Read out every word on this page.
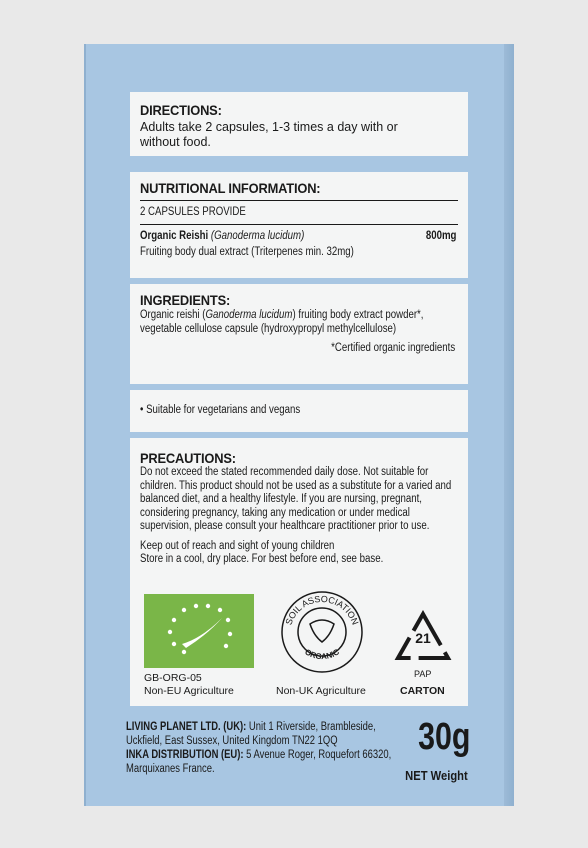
DIRECTIONS:

Adults take 2 capsules, 1-3 times a day with or without food.

NUTRITIONAL INFORMATION:

2 CAPSULES PROVIDE

Organic Reishi (Ganoderma lucidum)	800mg

Fruiting body dual extract (Triterpenes min. 32mg)

INGREDIENTS:

Organic reishi (Ganoderma lucidum) fruiting body extract powder*, vegetable cellulose capsule (hydroxypropyl methylcellulose)

*Certified organic ingredients

• Suitable for vegetarians and vegans

PRECAUTIONS:

Do not exceed the stated recommended daily dose. Not suitable for children. This product should not be used as a substitute for a varied and balanced diet, and a healthy lifestyle. If you are nursing, pregnant, considering pregnancy, taking any medication or under medical supervision, please consult your healthcare practitioner prior to use.

Keep out of reach and sight of young children

Store in a cool, dry place. For best before end, see base.

GB-ORG-05
Non-EU Agriculture
SOIL ASSOCIATION
ORGANIC
Non-UK Agriculture
21
PAP
CARTON

LIVING PLANET LTD. (UK): Unit 1 Riverside, Brambleside, Uckfield, East Sussex, United Kingdom TN22 1QQ

INKA DISTRIBUTION (EU): 5 Avenue Roger, Roquefort 66320, Marquixanes France.

30g
NET Weight
